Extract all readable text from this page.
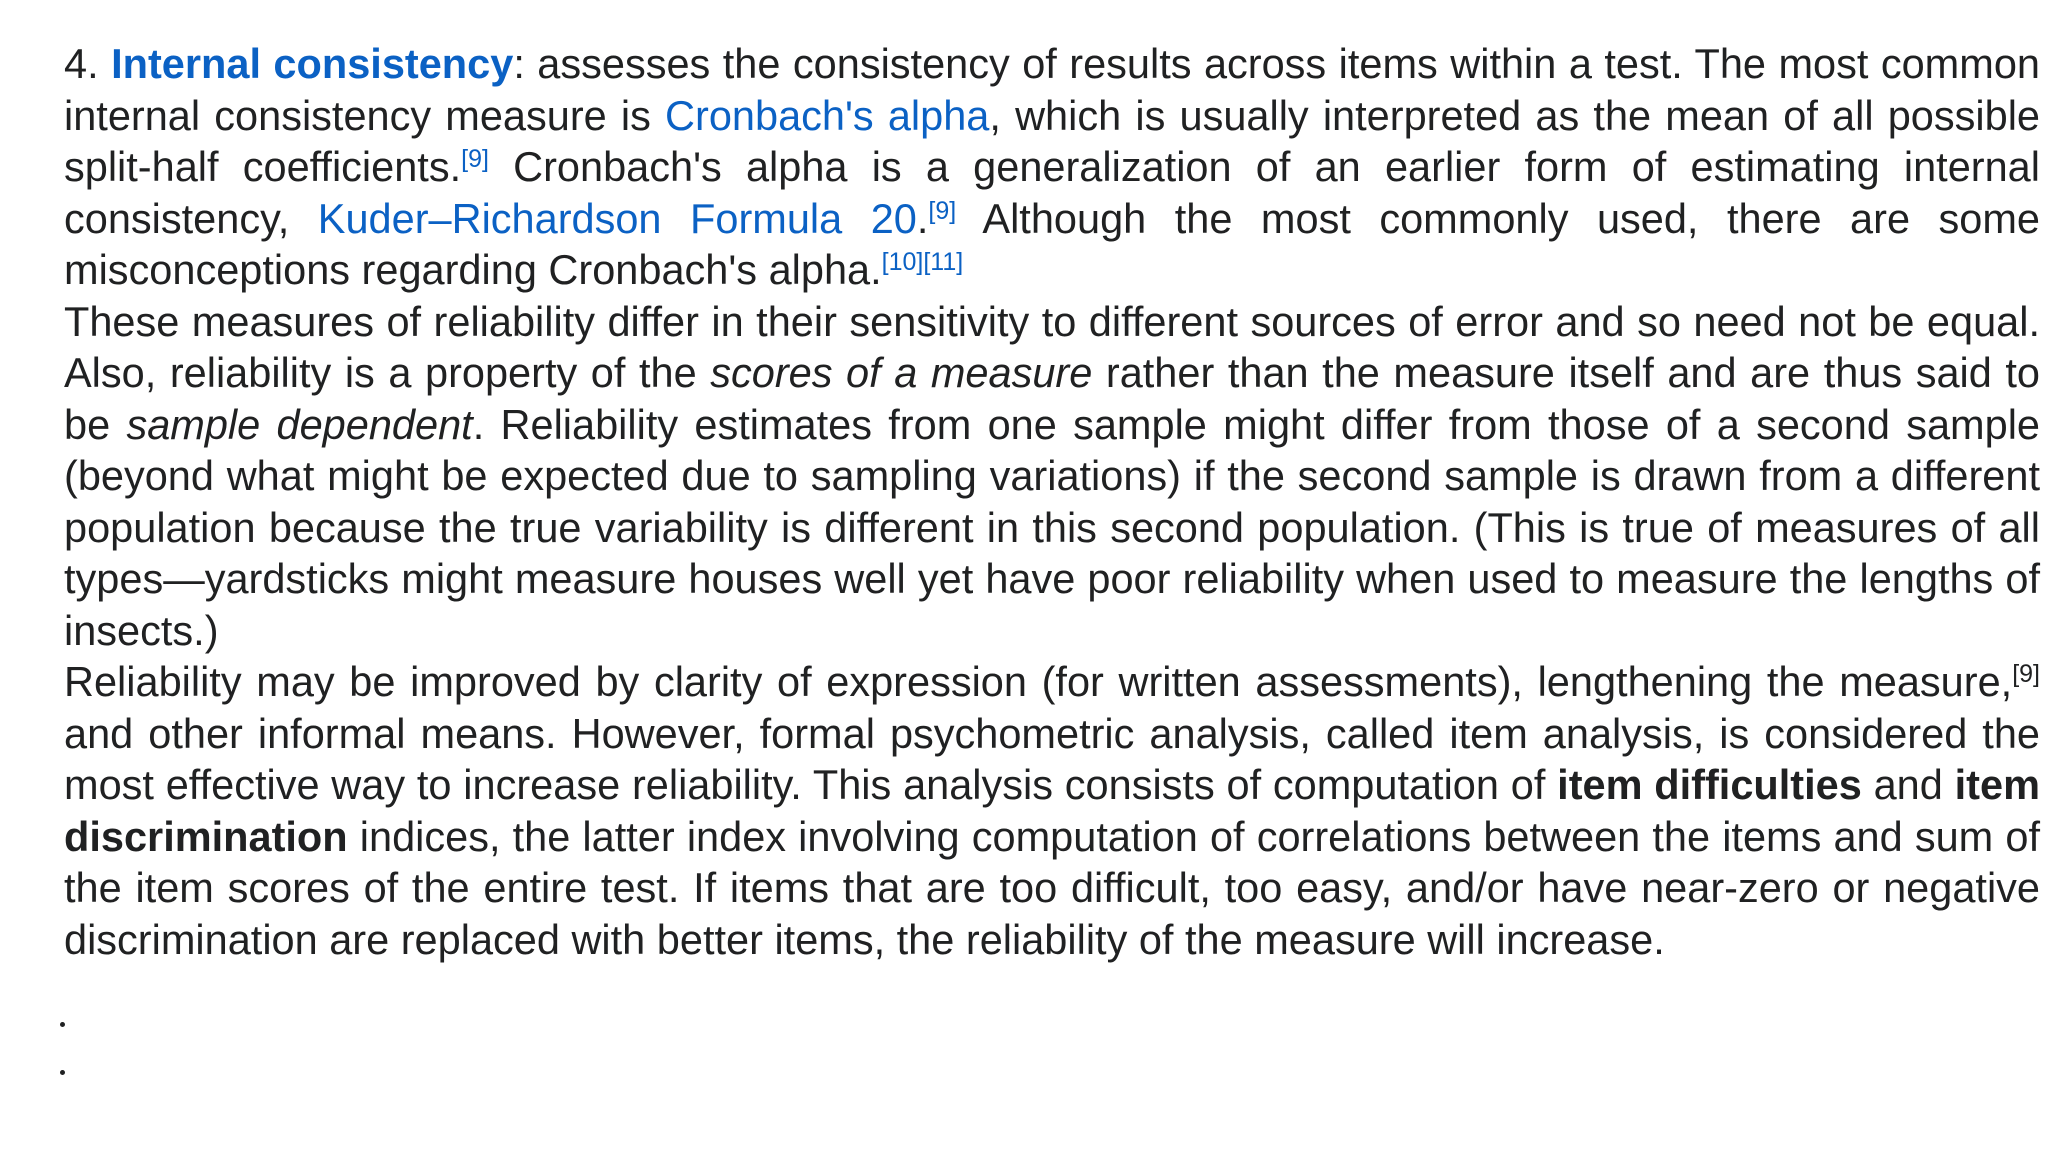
4. Internal consistency: assesses the consistency of results across items within a test. The most common internal consistency measure is Cronbach's alpha, which is usually interpreted as the mean of all possible split-half coefficients.[9] Cronbach's alpha is a generalization of an earlier form of estimating internal consistency, Kuder–Richardson Formula 20.[9] Although the most commonly used, there are some misconceptions regarding Cronbach's alpha.[10][11]

These measures of reliability differ in their sensitivity to different sources of error and so need not be equal. Also, reliability is a property of the scores of a measure rather than the measure itself and are thus said to be sample dependent. Reliability estimates from one sample might differ from those of a second sample (beyond what might be expected due to sampling variations) if the second sample is drawn from a different population because the true variability is different in this second population. (This is true of measures of all types—yardsticks might measure houses well yet have poor reliability when used to measure the lengths of insects.)

Reliability may be improved by clarity of expression (for written assessments), lengthening the measure,[9] and other informal means. However, formal psychometric analysis, called item analysis, is considered the most effective way to increase reliability. This analysis consists of computation of item difficulties and item discrimination indices, the latter index involving computation of correlations between the items and sum of the item scores of the entire test. If items that are too difficult, too easy, and/or have near-zero or negative discrimination are replaced with better items, the reliability of the measure will increase.
